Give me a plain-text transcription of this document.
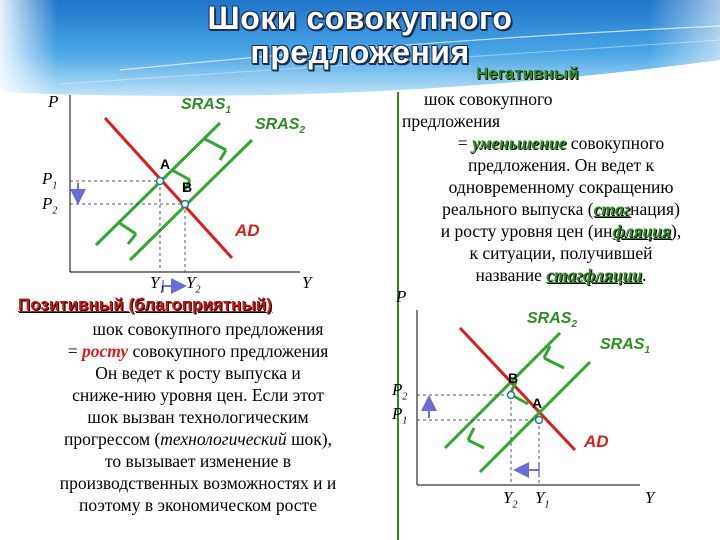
Шоки совокупного
предложения
P
Y
$SRAS_1$
$SRAS_2$
AD
A
B
$P_1$
$P_2$
$Y_1$ $Y_2$
Позитивный (благоприятный)
шок совокупного предложения
= росту совокупного предложения
Он ведет к росту выпуска и
сниже-нию уровня цен. Если этот
шок вызван технологическим
прогрессом (технологический шок),
то вызывает изменение в
производственных возможностях и и
поэтому в экономическом росте
Негативный
шок совокупного
предложения
= уменьшение совокупного
предложения. Он ведет к
одновременному сокращению
реального выпуска (стагнация)
и росту уровня цен (инфляция),
к ситуации, получившей
название стагфляции.
P
Y
$SRAS_2$
$SRAS_1$
AD
B
A
$P_2$
$P_1$
$Y_2$ $Y_1$
